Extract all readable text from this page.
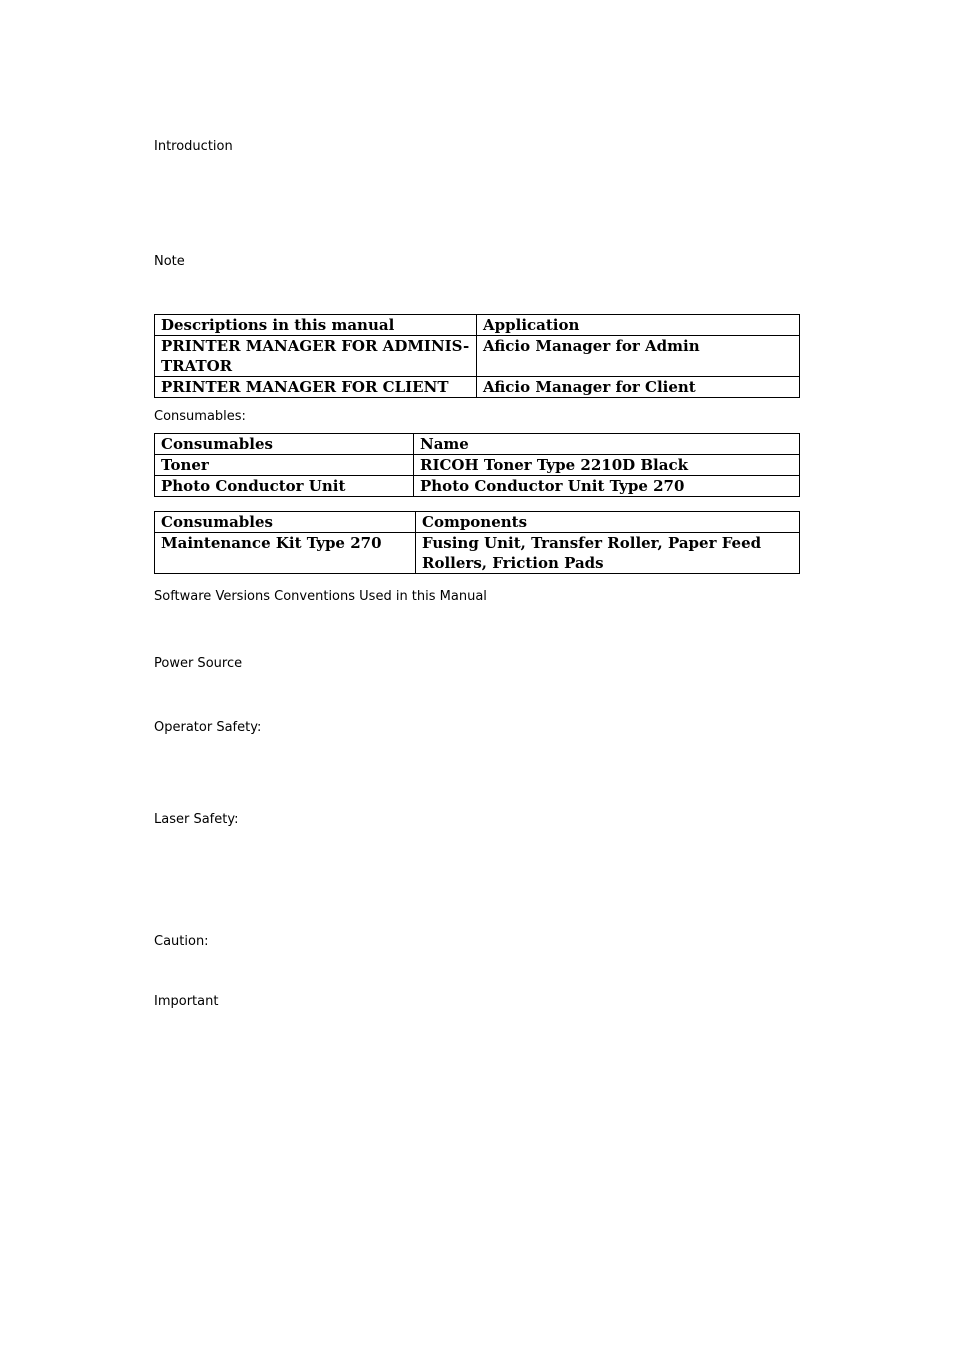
Introduction
Note
Descriptions in this manual	Application
PRINTER MANAGER FOR ADMINIS-
TRATOR	Aficio Manager for Admin
PRINTER MANAGER FOR CLIENT	Aficio Manager for Client
Consumables:
Consumables	Name
Toner	RICOH Toner Type 2210D Black
Photo Conductor Unit	Photo Conductor Unit Type 270
Consumables	Components
Maintenance Kit Type 270	Fusing Unit, Transfer Roller, Paper Feed Rollers, Friction Pads
Software Versions Conventions Used in this Manual
Power Source
Operator Safety:
Laser Safety:
Caution:
Important
